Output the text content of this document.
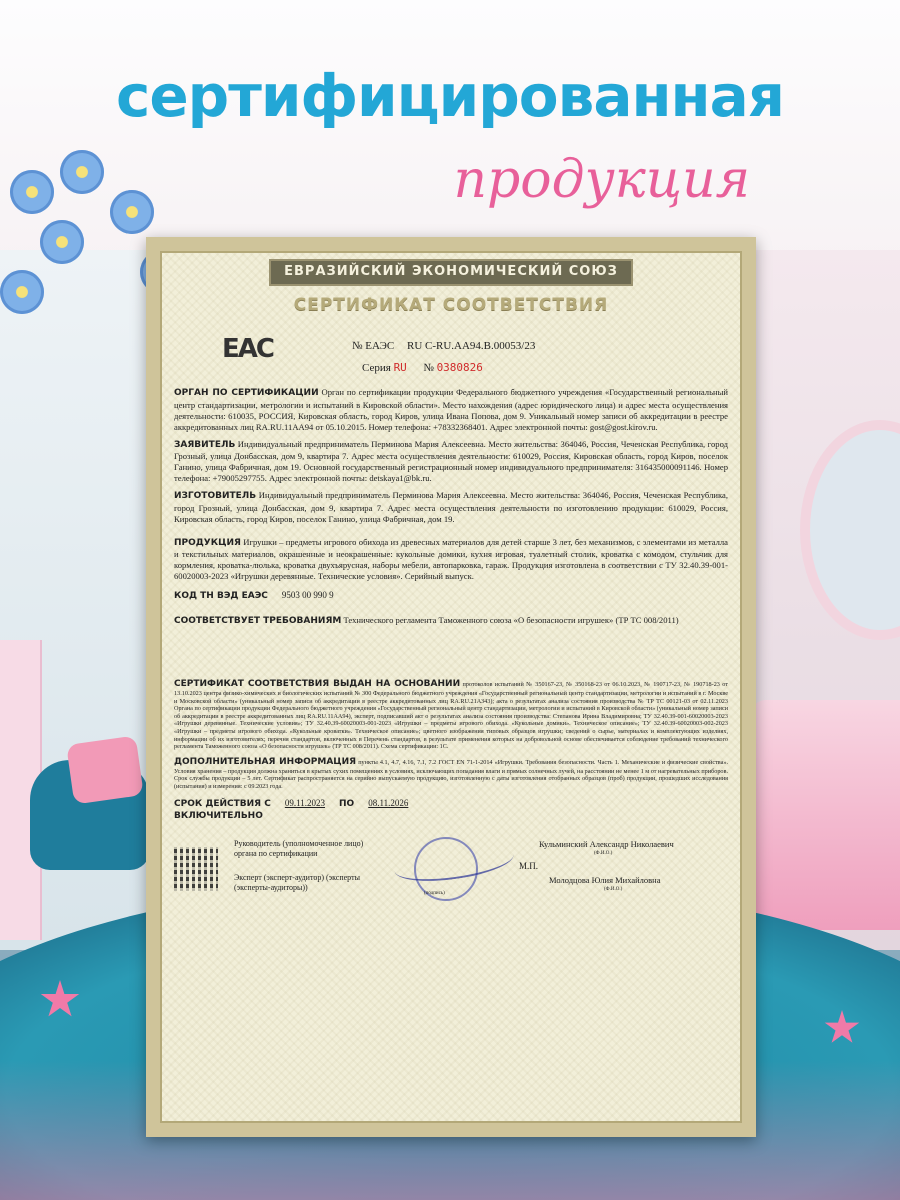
сертифицированная
продукция
ЕВРАЗИЙСКИЙ ЭКОНОМИЧЕСКИЙ СОЮЗ
СЕРТИФИКАТ СООТВЕТСТВИЯ
EAC	№ ЕАЭС RU C-RU.AA94.B.00053/23
Серия RU № 0380826

ОРГАН ПО СЕРТИФИКАЦИИ Орган по сертификации продукции Федерального бюджетного учреждения «Государственный региональный центр стандартизации, метрологии и испытаний в Кировской области». Место нахождения (адрес юридического лица) и адрес места осуществления деятельности: 610035, РОССИЯ, Кировская область, город Киров, улица Ивана Попова, дом 9. Уникальный номер записи об аккредитации в реестре аккредитованных лиц RA.RU.11AA94 от 05.10.2015. Номер телефона: +78332368401. Адрес электронной почты: gost@gost.kirov.ru.

ЗАЯВИТЕЛЬ Индивидуальный предприниматель Перминова Мария Алексеевна. Место жительства: 364046, Россия, Чеченская Республика, город Грозный, улица Донбасская, дом 9, квартира 7. Адрес места осуществления деятельности: 610029, Россия, Кировская область, город Киров, поселок Ганино, улица Фабричная, дом 19. Основной государственный регистрационный номер индивидуального предпринимателя: 316435000091146. Номер телефона: +79005297755. Адрес электронной почты: detskaya1@bk.ru.

ИЗГОТОВИТЕЛЬ Индивидуальный предприниматель Перминова Мария Алексеевна. Место жительства: 364046, Россия, Чеченская Республика, город Грозный, улица Донбасская, дом 9, квартира 7. Адрес места осуществления деятельности по изготовлению продукции: 610029, Россия, Кировская область, город Киров, поселок Ганино, улица Фабричная, дом 19.

ПРОДУКЦИЯ Игрушки – предметы игрового обихода из древесных материалов для детей старше 3 лет, без механизмов, с элементами из металла и текстильных материалов, окрашенные и неокрашенные: кукольные домики, кухня игровая, туалетный столик, кроватка с комодом, стульчик для кормления, кроватка-люлька, кроватка двухъярусная, наборы мебели, автопарковка, гараж. Продукция изготовлена в соответствии с ТУ 32.40.39-001-60020003-2023 «Игрушки деревянные. Технические условия». Серийный выпуск.

КОД ТН ВЭД ЕАЭС 9503 00 990 9

СООТВЕТСТВУЕТ ТРЕБОВАНИЯМ Технического регламента Таможенного союза «О безопасности игрушек» (ТР ТС 008/2011)

СЕРТИФИКАТ СООТВЕТСТВИЯ ВЫДАН НА ОСНОВАНИИ протоколов испытаний № 350167-23, № 350168-23 от 06.10.2023, № 190717-23, № 190718-23 от 13.10.2023 центра физико-химических и биологических испытаний № 300 Федерального бюджетного учреждения «Государственный региональный центр стандартизации, метрологии и испытаний в г. Москве и Московской области» (уникальный номер записи об аккредитации в реестре аккредитованных лиц RA.RU.21АЗ43); акта о результатах анализа состояния производства № ТР ТС 00121-03 от 02.11.2023 Органа по сертификации продукции Федерального бюджетного учреждения «Государственный региональный центр стандартизации, метрологии и испытаний в Кировской области» (уникальный номер записи об аккредитации в реестре аккредитованных лиц RA.RU.11AA94), эксперт, подписавший акт о результатах анализа состояния производства: Степанова Ирина Владимировна; ТУ 32.40.39-001-60020003-2023 «Игрушки деревянные. Технические условия»; ТУ 32.40.39-60020003-001-2023 «Игрушки – предметы игрового обихода. «Кукольные домики». Техническое описание»; ТУ 32.40.39-60020003-002-2023 «Игрушки – предметы игрового обихода. «Кукольные кроватки». Техническое описание»; цветного изображения типовых образцов игрушки; сведений о сырье, материалах и комплектующих изделиях, информации об их изготовителях; перечня стандартов, включенных в Перечень стандартов, в результате применения которых на добровольной основе обеспечивается соблюдение требований технического регламента Таможенного союза «О безопасности игрушек» (ТР ТС 008/2011). Схема сертификации: 1С.

ДОПОЛНИТЕЛЬНАЯ ИНФОРМАЦИЯ пункты 4.1, 4.7, 4.16, 7.1, 7.2 ГОСТ EN 71-1-2014 «Игрушки. Требования безопасности. Часть 1. Механические и физические свойства». Условия хранения – продукция должна храниться в крытых сухих помещениях в условиях, исключающих попадания влаги и прямых солнечных лучей, на расстоянии не менее 1 м от нагревательных приборов. Срок службы продукции – 5 лет. Сертификат распространяется на серийно выпускаемую продукцию, изготовленную с даты изготовления отобранных образцов (проб) продукции, прошедших исследования (испытания) и измерения: с 09.2023 года.

СРОК ДЕЙСТВИЯ С 09.11.2023 ПО 08.11.2026
ВКЛЮЧИТЕЛЬНО
Руководитель (уполномоченное лицо) органа по сертификации
Кульминский Александр Николаевич
(Ф.И.О.)
М.П.
Эксперт (эксперт-аудитор) (эксперты (эксперты-аудиторы))
Молодцова Юлия Михайловна
(Ф.И.О.)
(подпись)
